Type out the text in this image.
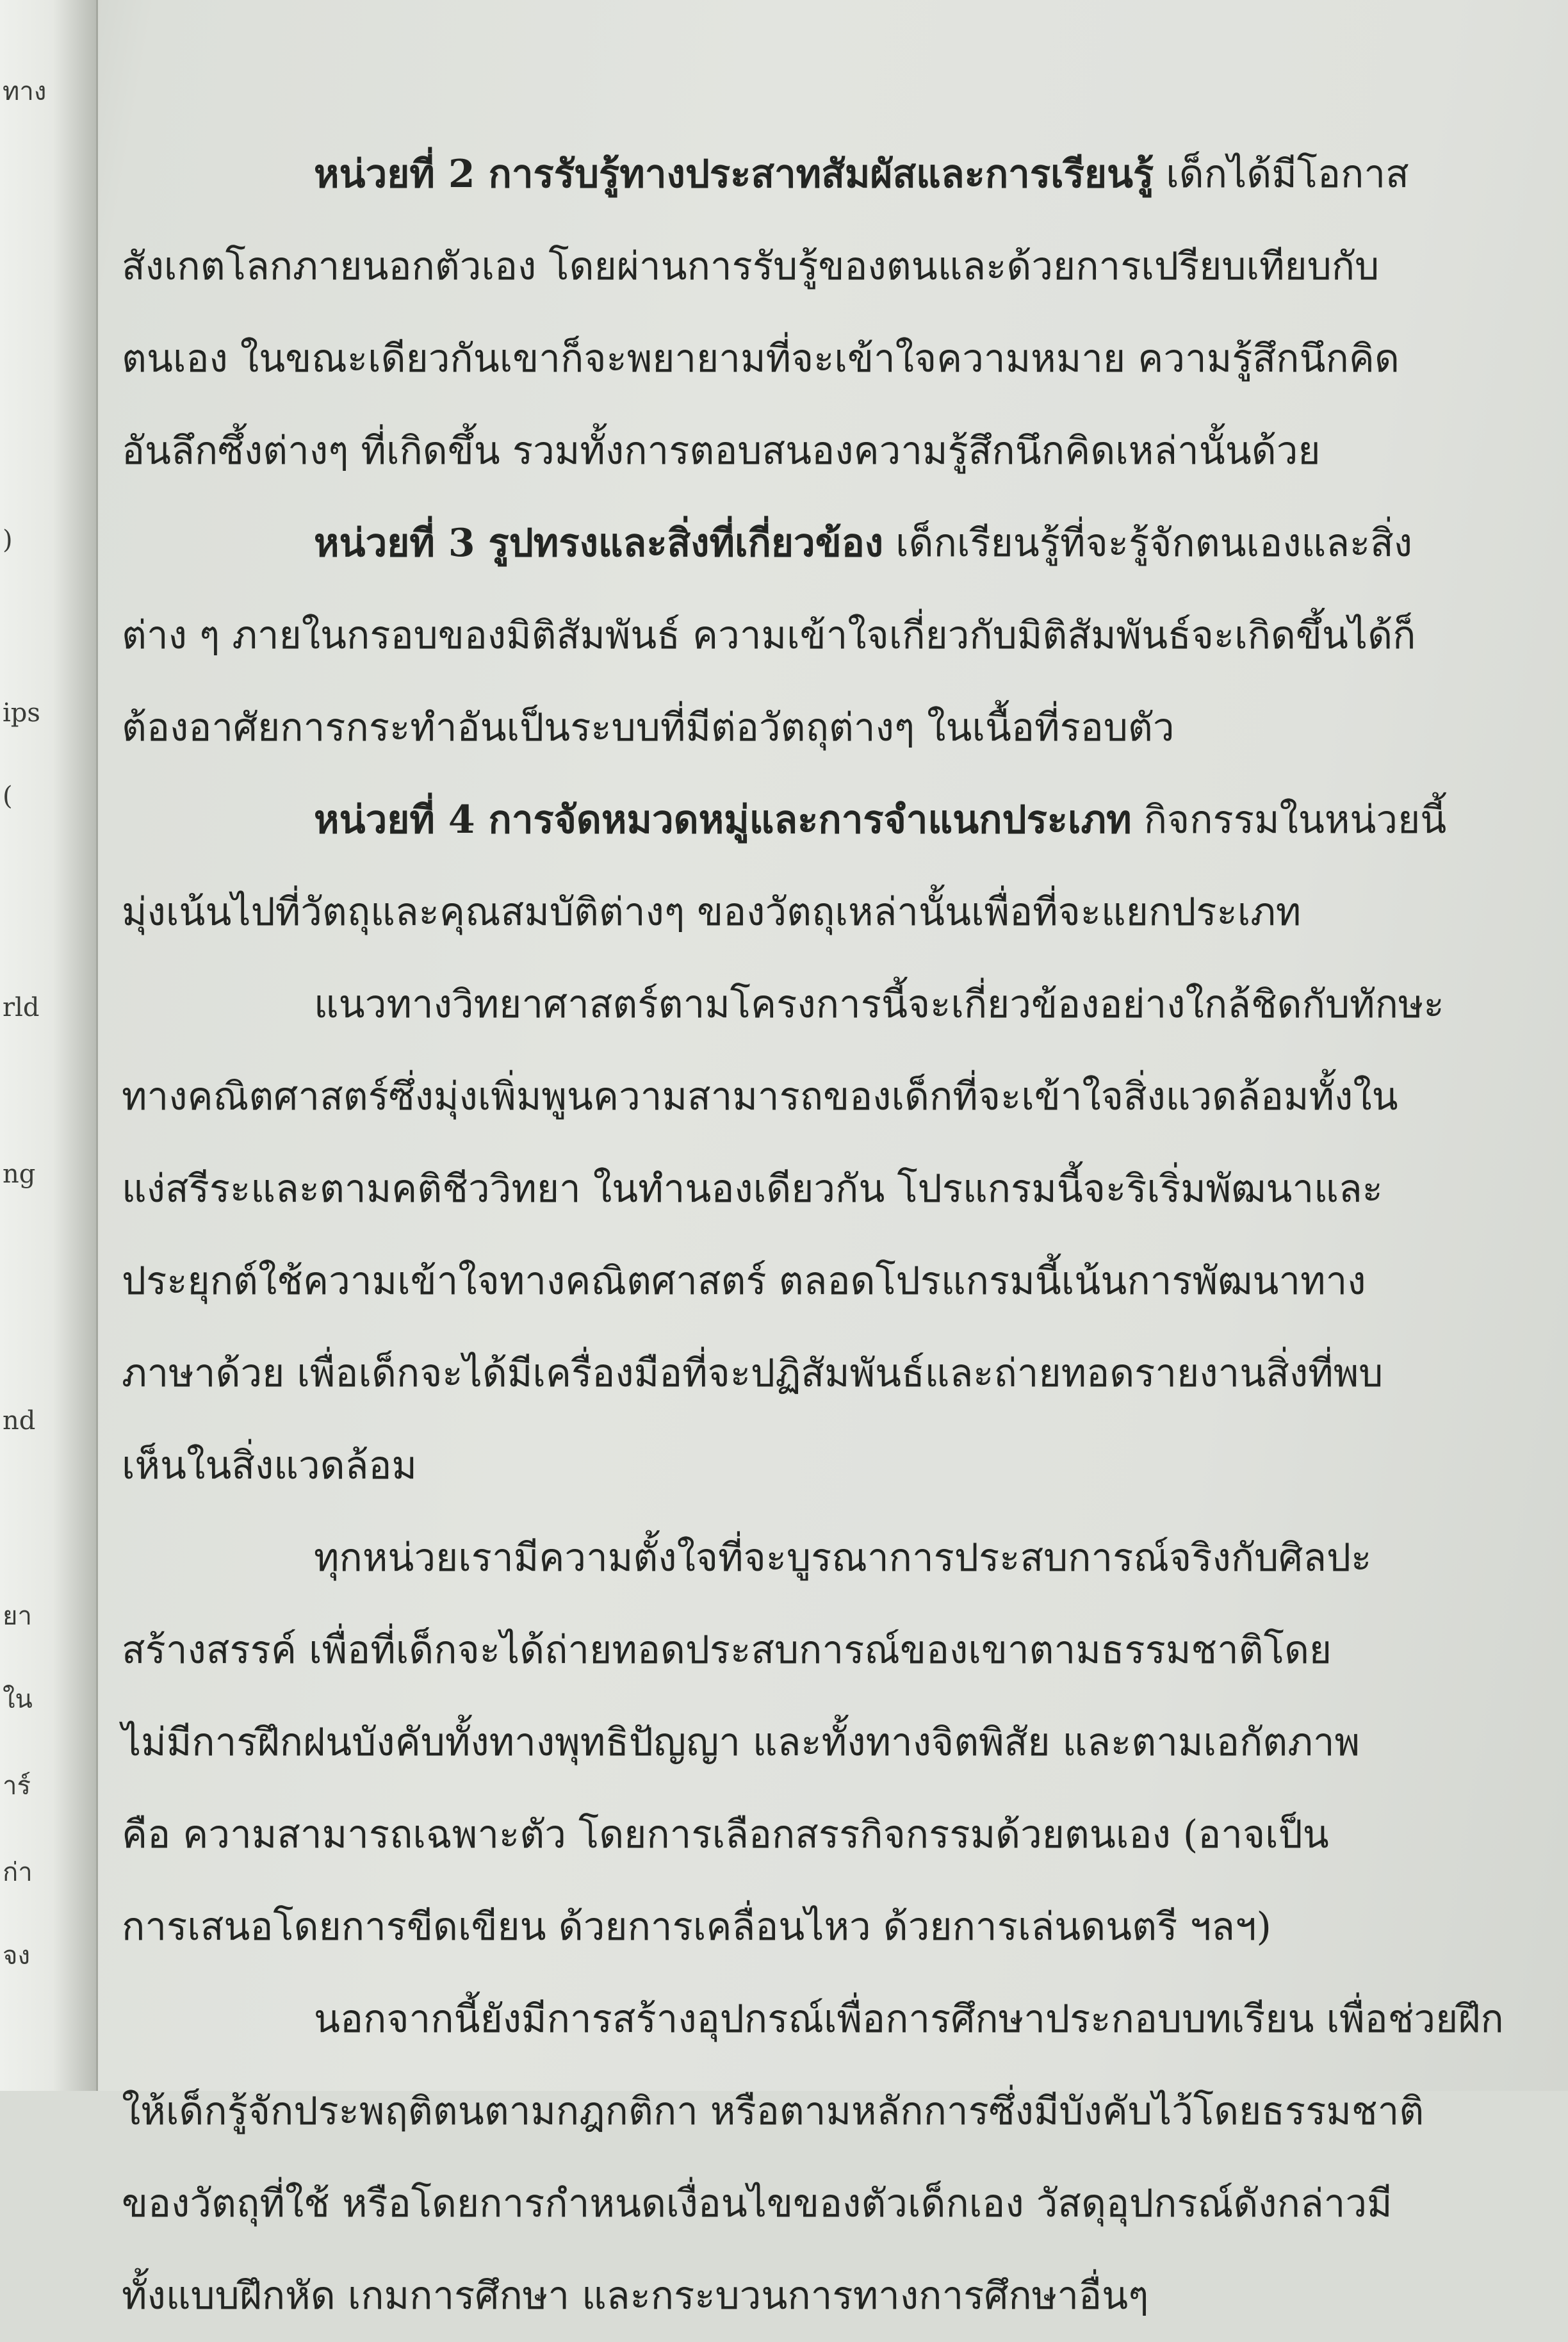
ทาง
)
ips
(
rld
ng
nd
ยา
ใน
าร์
ก่า
จง
หน่วยที่ 2 การรับรู้ทางประสาทสัมผัสและการเรียนรู้ เด็กได้มีโอกาส
สังเกตโลกภายนอกตัวเอง โดยผ่านการรับรู้ของตนและด้วยการเปรียบเทียบกับ
ตนเอง ในขณะเดียวกันเขาก็จะพยายามที่จะเข้าใจความหมาย ความรู้สึกนึกคิด
อันลึกซึ้งต่างๆ ที่เกิดขึ้น รวมทั้งการตอบสนองความรู้สึกนึกคิดเหล่านั้นด้วย
หน่วยที่ 3 รูปทรงและสิ่งที่เกี่ยวข้อง เด็กเรียนรู้ที่จะรู้จักตนเองและสิ่ง
ต่าง ๆ ภายในกรอบของมิติสัมพันธ์ ความเข้าใจเกี่ยวกับมิติสัมพันธ์จะเกิดขึ้นได้ก็
ต้องอาศัยการกระทำอันเป็นระบบที่มีต่อวัตถุต่างๆ ในเนื้อที่รอบตัว
หน่วยที่ 4 การจัดหมวดหมู่และการจำแนกประเภท กิจกรรมในหน่วยนี้
มุ่งเน้นไปที่วัตถุและคุณสมบัติต่างๆ ของวัตถุเหล่านั้นเพื่อที่จะแยกประเภท
แนวทางวิทยาศาสตร์ตามโครงการนี้จะเกี่ยวข้องอย่างใกล้ชิดกับทักษะ
ทางคณิตศาสตร์ซึ่งมุ่งเพิ่มพูนความสามารถของเด็กที่จะเข้าใจสิ่งแวดล้อมทั้งใน
แง่สรีระและตามคติชีววิทยา ในทำนองเดียวกัน โปรแกรมนี้จะริเริ่มพัฒนาและ
ประยุกต์ใช้ความเข้าใจทางคณิตศาสตร์ ตลอดโปรแกรมนี้เน้นการพัฒนาทาง
ภาษาด้วย เพื่อเด็กจะได้มีเครื่องมือที่จะปฏิสัมพันธ์และถ่ายทอดรายงานสิ่งที่พบ
เห็นในสิ่งแวดล้อม
ทุกหน่วยเรามีความตั้งใจที่จะบูรณาการประสบการณ์จริงกับศิลปะ
สร้างสรรค์ เพื่อที่เด็กจะได้ถ่ายทอดประสบการณ์ของเขาตามธรรมชาติโดย
ไม่มีการฝึกฝนบังคับทั้งทางพุทธิปัญญา และทั้งทางจิตพิสัย และตามเอกัตภาพ
คือ ความสามารถเฉพาะตัว โดยการเลือกสรรกิจกรรมด้วยตนเอง (อาจเป็น
การเสนอโดยการขีดเขียน ด้วยการเคลื่อนไหว ด้วยการเล่นดนตรี ฯลฯ)
นอกจากนี้ยังมีการสร้างอุปกรณ์เพื่อการศึกษาประกอบบทเรียน เพื่อช่วยฝึก
ให้เด็กรู้จักประพฤติตนตามกฎกติกา หรือตามหลักการซึ่งมีบังคับไว้โดยธรรมชาติ
ของวัตถุที่ใช้ หรือโดยการกำหนดเงื่อนไขของตัวเด็กเอง วัสดุอุปกรณ์ดังกล่าวมี
ทั้งแบบฝึกหัด เกมการศึกษา และกระบวนการทางการศึกษาอื่นๆ
